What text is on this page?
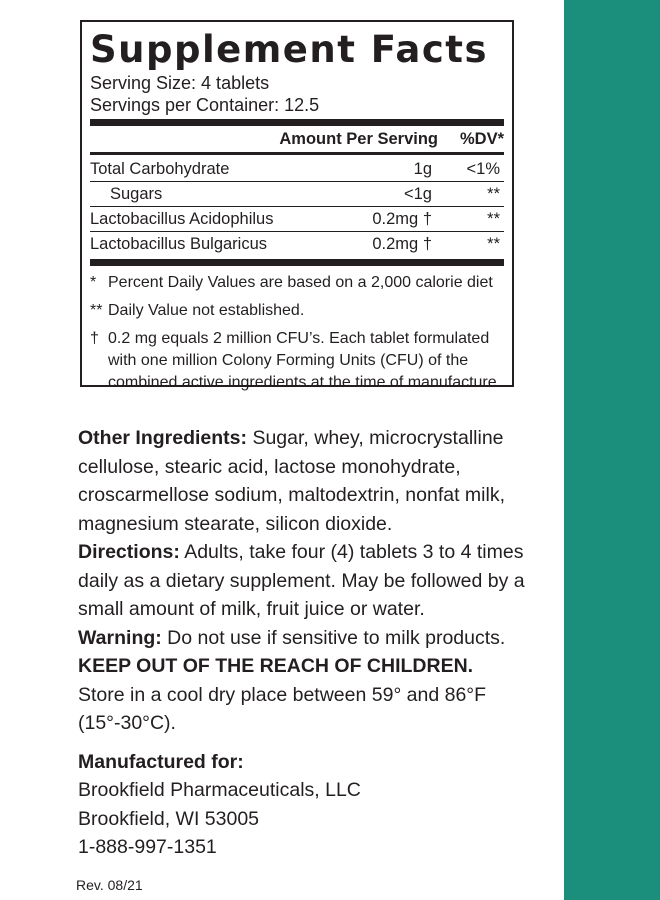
Supplement Facts
Serving Size: 4 tablets
Servings per Container: 12.5
Amount Per Serving %DV*
Total Carbohydrate	1g <1%
Sugars	<1g	**
Lactobacillus Acidophilus	0.2mg †	**
Lactobacillus Bulgaricus	0.2mg †	**
* Percent Daily Values are based on a 2,000 calorie diet
** Daily Value not established.
† 0.2 mg equals 2 million CFU’s. Each tablet formulated with one million Colony Forming Units (CFU) of the combined active ingredients at the time of manufacture.

Other Ingredients: Sugar, whey, microcrystalline cellulose, stearic acid, lactose monohydrate, croscarmellose sodium, maltodextrin, nonfat milk, magnesium stearate, silicon dioxide.

Directions: Adults, take four (4) tablets 3 to 4 times daily as a dietary supplement. May be followed by a small amount of milk, fruit juice or water.

Warning: Do not use if sensitive to milk products.

KEEP OUT OF THE REACH OF CHILDREN.

Store in a cool dry place between 59° and 86°F (15°-30°C).

Manufactured for:

Brookfield Pharmaceuticals, LLC

Brookfield, WI 53005

1-888-997-1351

Rev. 08/21
